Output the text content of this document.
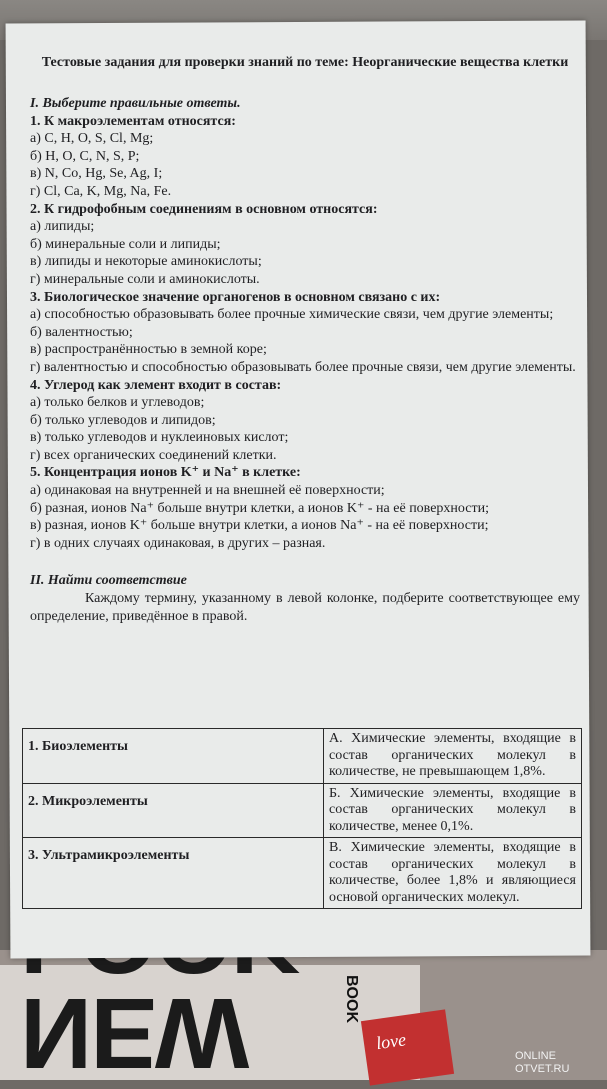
NEW	BOOK
love
Тестовые задания для проверки знаний по теме: Неорганические вещества клетки
I. Выберите правильные ответы.
1. К макроэлементам относятся:
а) C, H, O, S, Cl, Mg;
б) H, O, C, N, S, P;
в) N, Co, Hg, Se, Ag, I;
г) Cl, Ca, K, Mg, Na, Fe.
2. К гидрофобным соединениям в основном относятся:
а) липиды;
б) минеральные соли и липиды;
в) липиды и некоторые аминокислоты;
г) минеральные соли и аминокислоты.
3. Биологическое значение органогенов в основном связано с их:
а) способностью образовывать более прочные химические связи, чем другие элементы;
б) валентностью;
в) распространённостью в земной коре;
г) валентностью и способностью образовывать более прочные связи, чем другие элементы.
4. Углерод как элемент входит в состав:
а) только белков и углеводов;
б) только углеводов и липидов;
в) только углеводов и нуклеиновых кислот;
г) всех органических соединений клетки.
5. Концентрация ионов K⁺ и Na⁺ в клетке:
а) одинаковая на внутренней и на внешней её поверхности;
б) разная, ионов Na⁺ больше внутри клетки, а ионов K⁺ - на её поверхности;
в) разная, ионов K⁺ больше внутри клетки, а ионов Na⁺ - на её поверхности;
г) в одних случаях одинаковая, в других – разная.
II. Найти соответствие
Каждому термину, указанному в левой колонке, подберите соответствующее ему определение, приведённое в правой.
1. Биоэлементы	А. Химические элементы, входящие в состав органических молекул в количестве, не превышающем 1,8%.
2. Микроэлементы	Б. Химические элементы, входящие в состав органических молекул в количестве, менее 0,1%.
3. Ультрамикроэлементы	В. Химические элементы, входящие в состав органических молекул в количестве, более 1,8% и являющиеся основой органических молекул.
ONLINE
OTVET.RU
